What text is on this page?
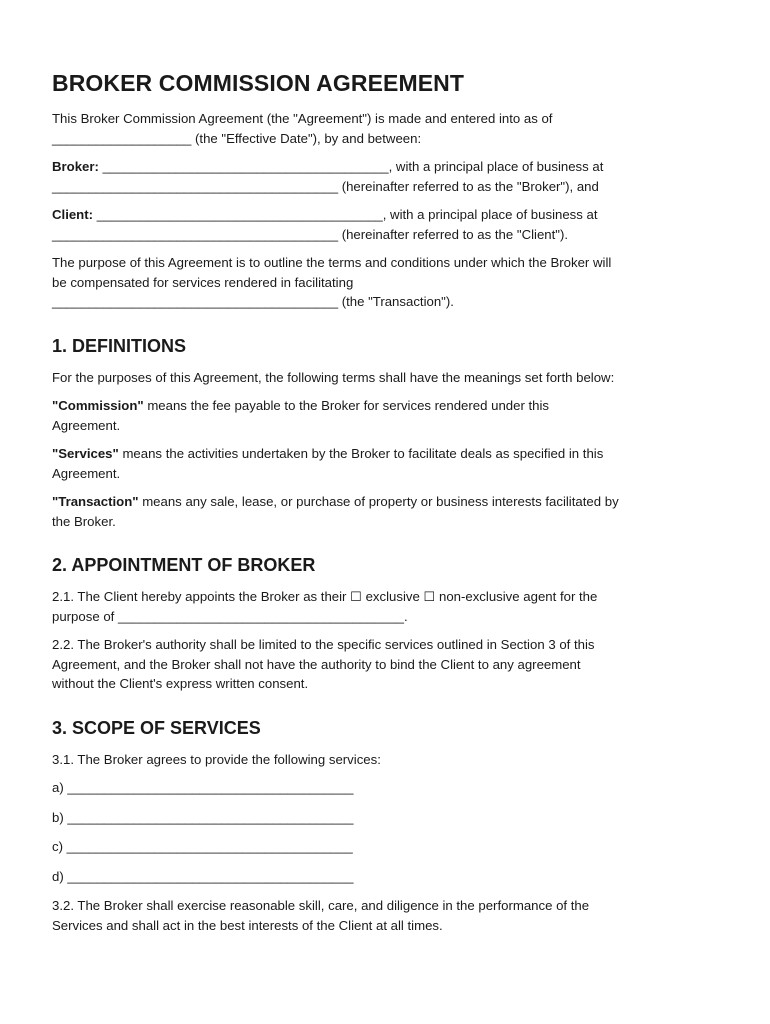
BROKER COMMISSION AGREEMENT

This Broker Commission Agreement (the "Agreement") is made and entered into as of
___________________ (the "Effective Date"), by and between:

Broker: _______________________________________, with a principal place of business at
_______________________________________ (hereinafter referred to as the "Broker"), and

Client: _______________________________________, with a principal place of business at
_______________________________________ (hereinafter referred to as the "Client").

The purpose of this Agreement is to outline the terms and conditions under which the Broker will
be compensated for services rendered in facilitating
_______________________________________ (the "Transaction").

1. DEFINITIONS

For the purposes of this Agreement, the following terms shall have the meanings set forth below:

"Commission" means the fee payable to the Broker for services rendered under this
Agreement.

"Services" means the activities undertaken by the Broker to facilitate deals as specified in this
Agreement.

"Transaction" means any sale, lease, or purchase of property or business interests facilitated by
the Broker.

2. APPOINTMENT OF BROKER

2.1. The Client hereby appoints the Broker as their ☐ exclusive ☐ non-exclusive agent for the
purpose of _______________________________________.

2.2. The Broker's authority shall be limited to the specific services outlined in Section 3 of this
Agreement, and the Broker shall not have the authority to bind the Client to any agreement
without the Client's express written consent.

3. SCOPE OF SERVICES

3.1. The Broker agrees to provide the following services:

a) _______________________________________

b) _______________________________________

c) _______________________________________

d) _______________________________________

3.2. The Broker shall exercise reasonable skill, care, and diligence in the performance of the
Services and shall act in the best interests of the Client at all times.
